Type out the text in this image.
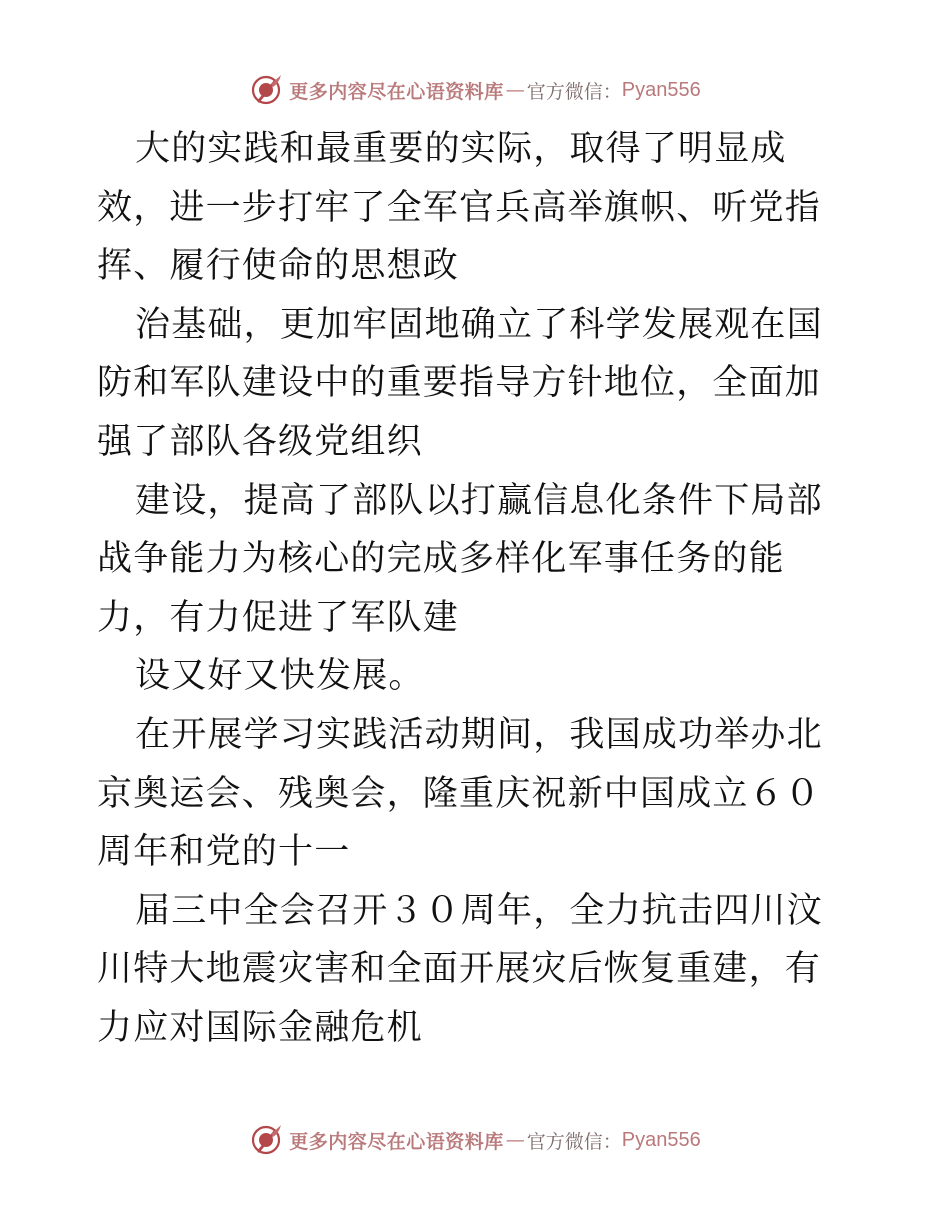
更多内容尽在心语资料库 — 官方微信： Pyan556

大的实践和最重要的实际，取得了明显成效，进一步打牢了全军官兵高举旗帜、听党指挥、履行使命的思想政

治基础，更加牢固地确立了科学发展观在国防和军队建设中的重要指导方针地位，全面加强了部队各级党组织

建设，提高了部队以打赢信息化条件下局部战争能力为核心的完成多样化军事任务的能力，有力促进了军队建

设又好又快发展。

在开展学习实践活动期间，我国成功举办北京奥运会、残奥会，隆重庆祝新中国成立６０周年和党的十一

届三中全会召开３０周年，全力抗击四川汶川特大地震灾害和全面开展灾后恢复重建，有力应对国际金融危机

更多内容尽在心语资料库 — 官方微信： Pyan556
